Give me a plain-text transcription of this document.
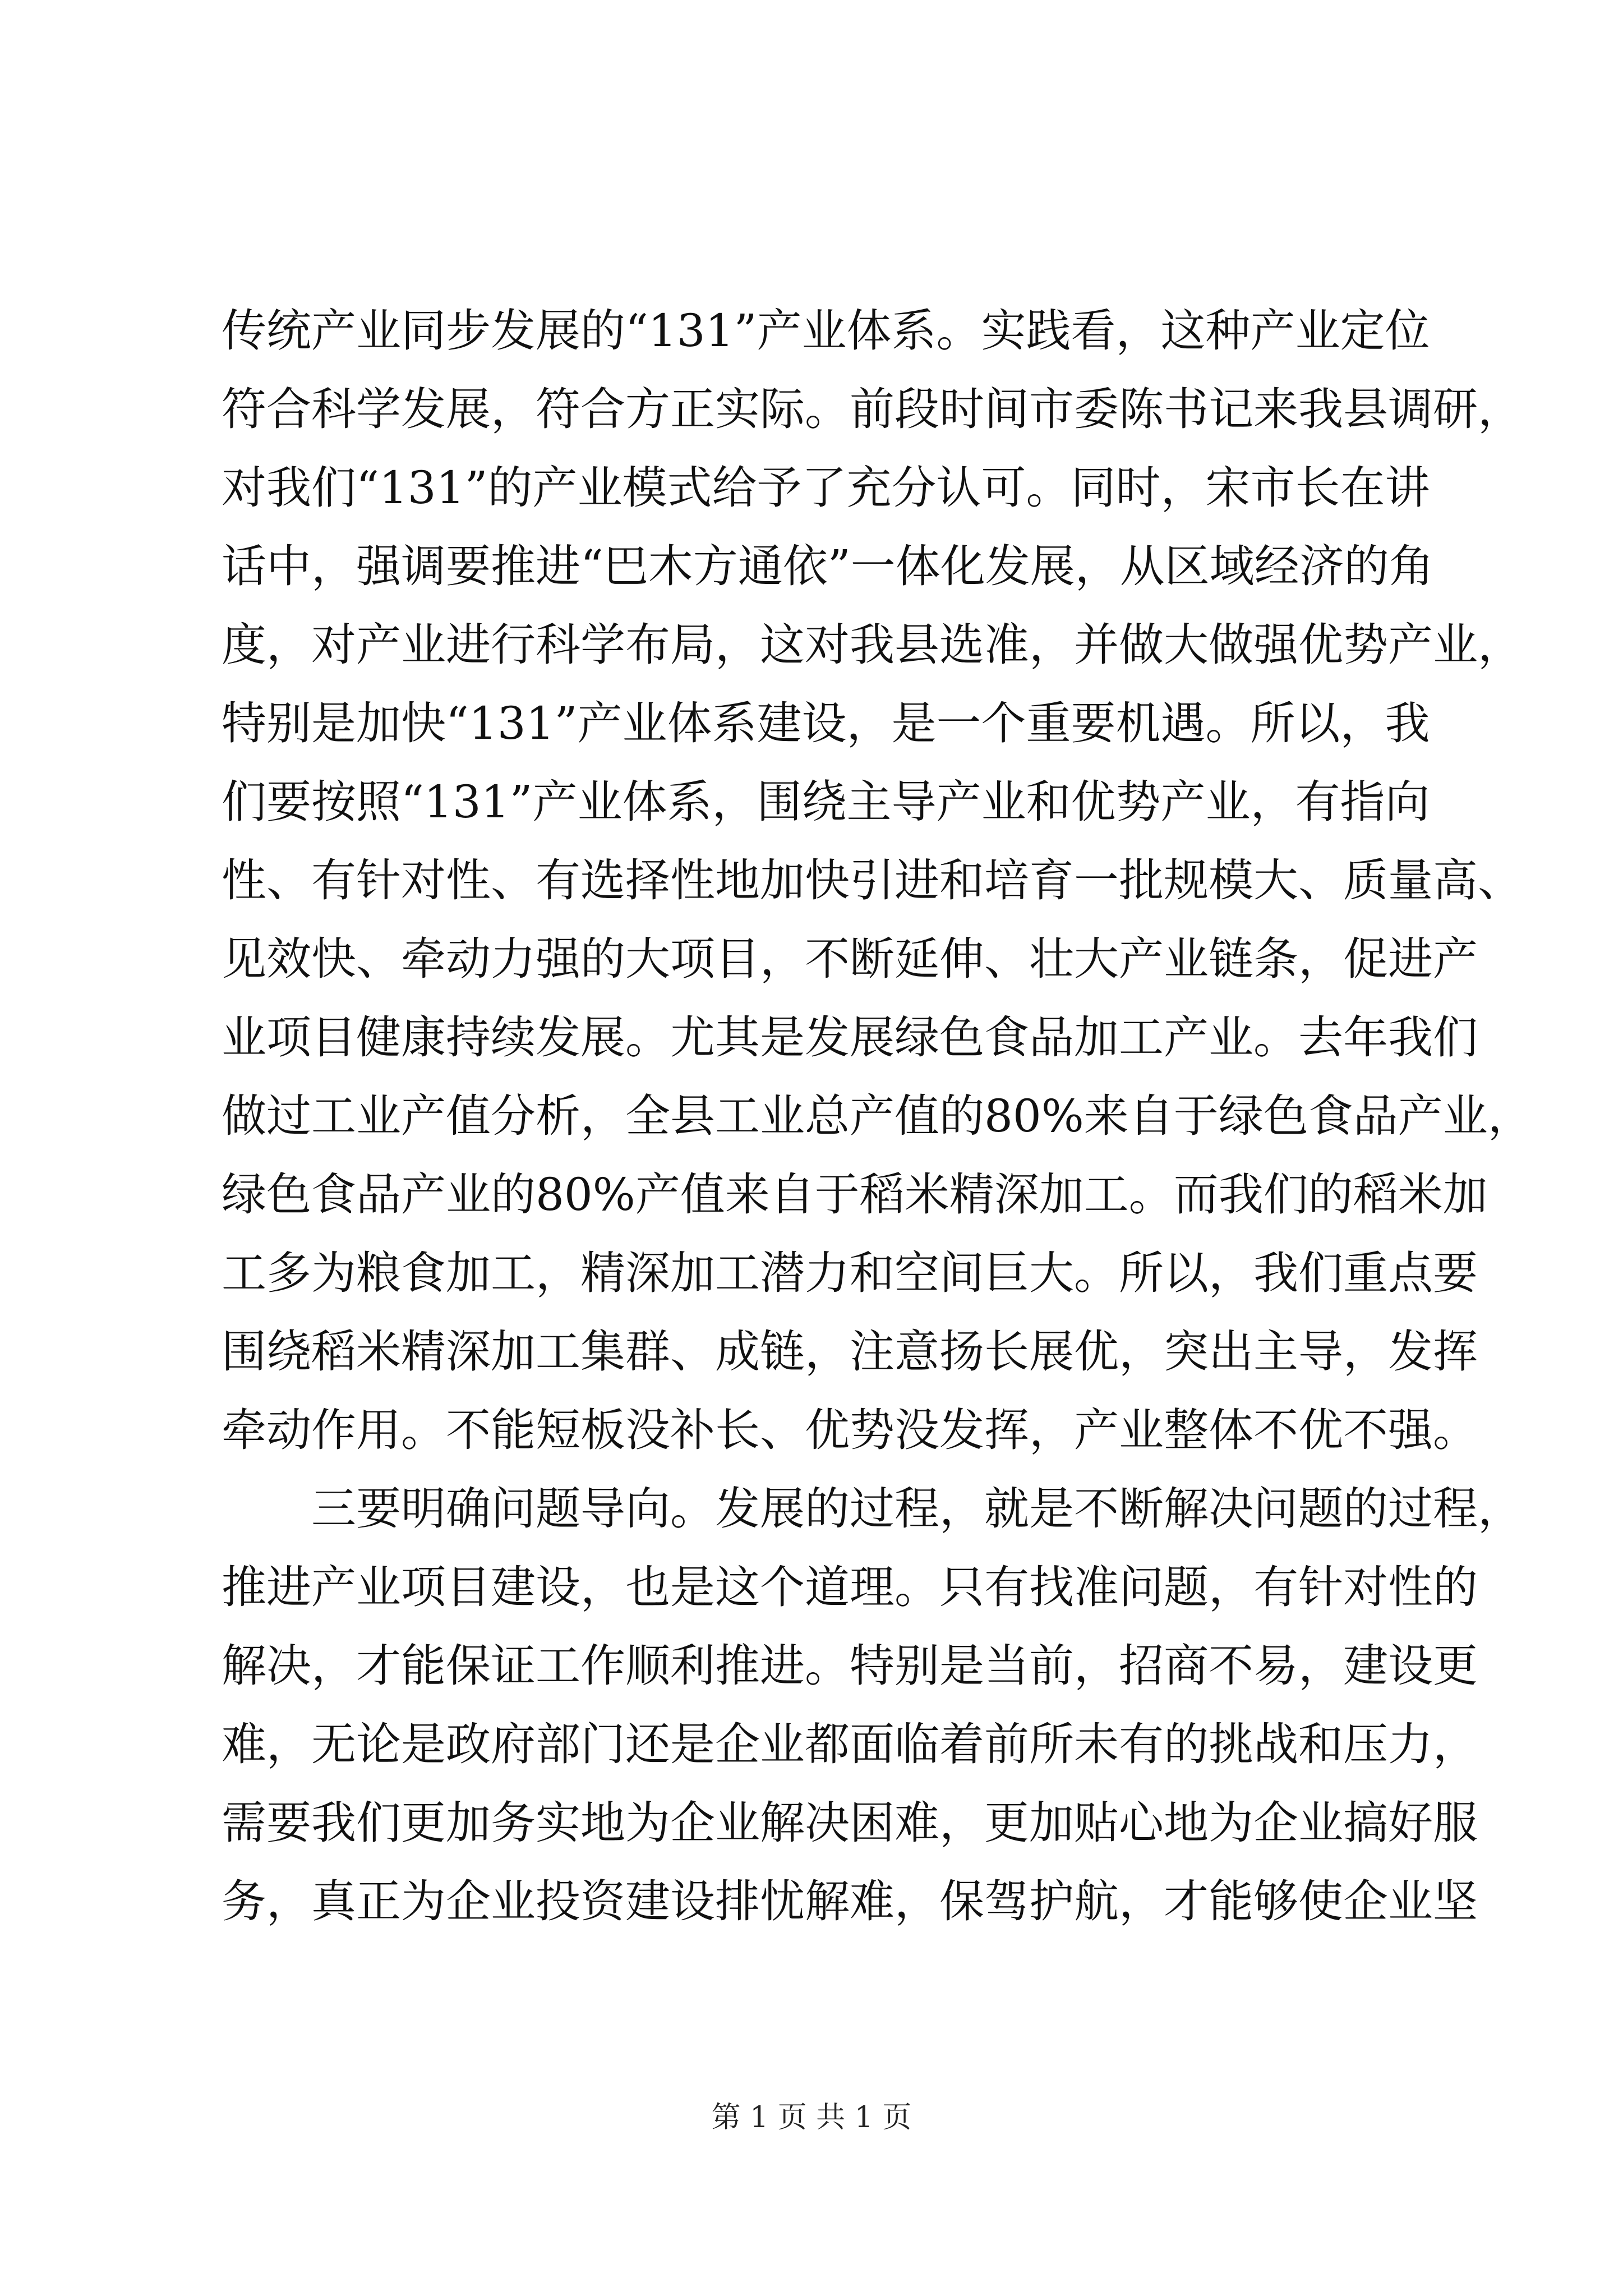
传统产业同步发展的“131”产业体系。实践看，这种产业定位
符合科学发展，符合方正实际。前段时间市委陈书记来我县调研，
对我们“131”的产业模式给予了充分认可。同时，宋市长在讲
话中，强调要推进“巴木方通依”一体化发展，从区域经济的角
度，对产业进行科学布局，这对我县选准，并做大做强优势产业，
特别是加快“131”产业体系建设，是一个重要机遇。所以，我
们要按照“131”产业体系，围绕主导产业和优势产业，有指向
性、有针对性、有选择性地加快引进和培育一批规模大、质量高、
见效快、牵动力强的大项目，不断延伸、壮大产业链条，促进产
业项目健康持续发展。尤其是发展绿色食品加工产业。去年我们
做过工业产值分析，全县工业总产值的80%来自于绿色食品产业，
绿色食品产业的80%产值来自于稻米精深加工。而我们的稻米加
工多为粮食加工，精深加工潜力和空间巨大。所以，我们重点要
围绕稻米精深加工集群、成链，注意扬长展优，突出主导，发挥
牵动作用。不能短板没补长、优势没发挥，产业整体不优不强。
三要明确问题导向。发展的过程，就是不断解决问题的过程，
推进产业项目建设，也是这个道理。只有找准问题，有针对性的
解决，才能保证工作顺利推进。特别是当前，招商不易，建设更
难，无论是政府部门还是企业都面临着前所未有的挑战和压力，
需要我们更加务实地为企业解决困难，更加贴心地为企业搞好服
务，真正为企业投资建设排忧解难，保驾护航，才能够使企业坚
第 1 页 共 1 页
